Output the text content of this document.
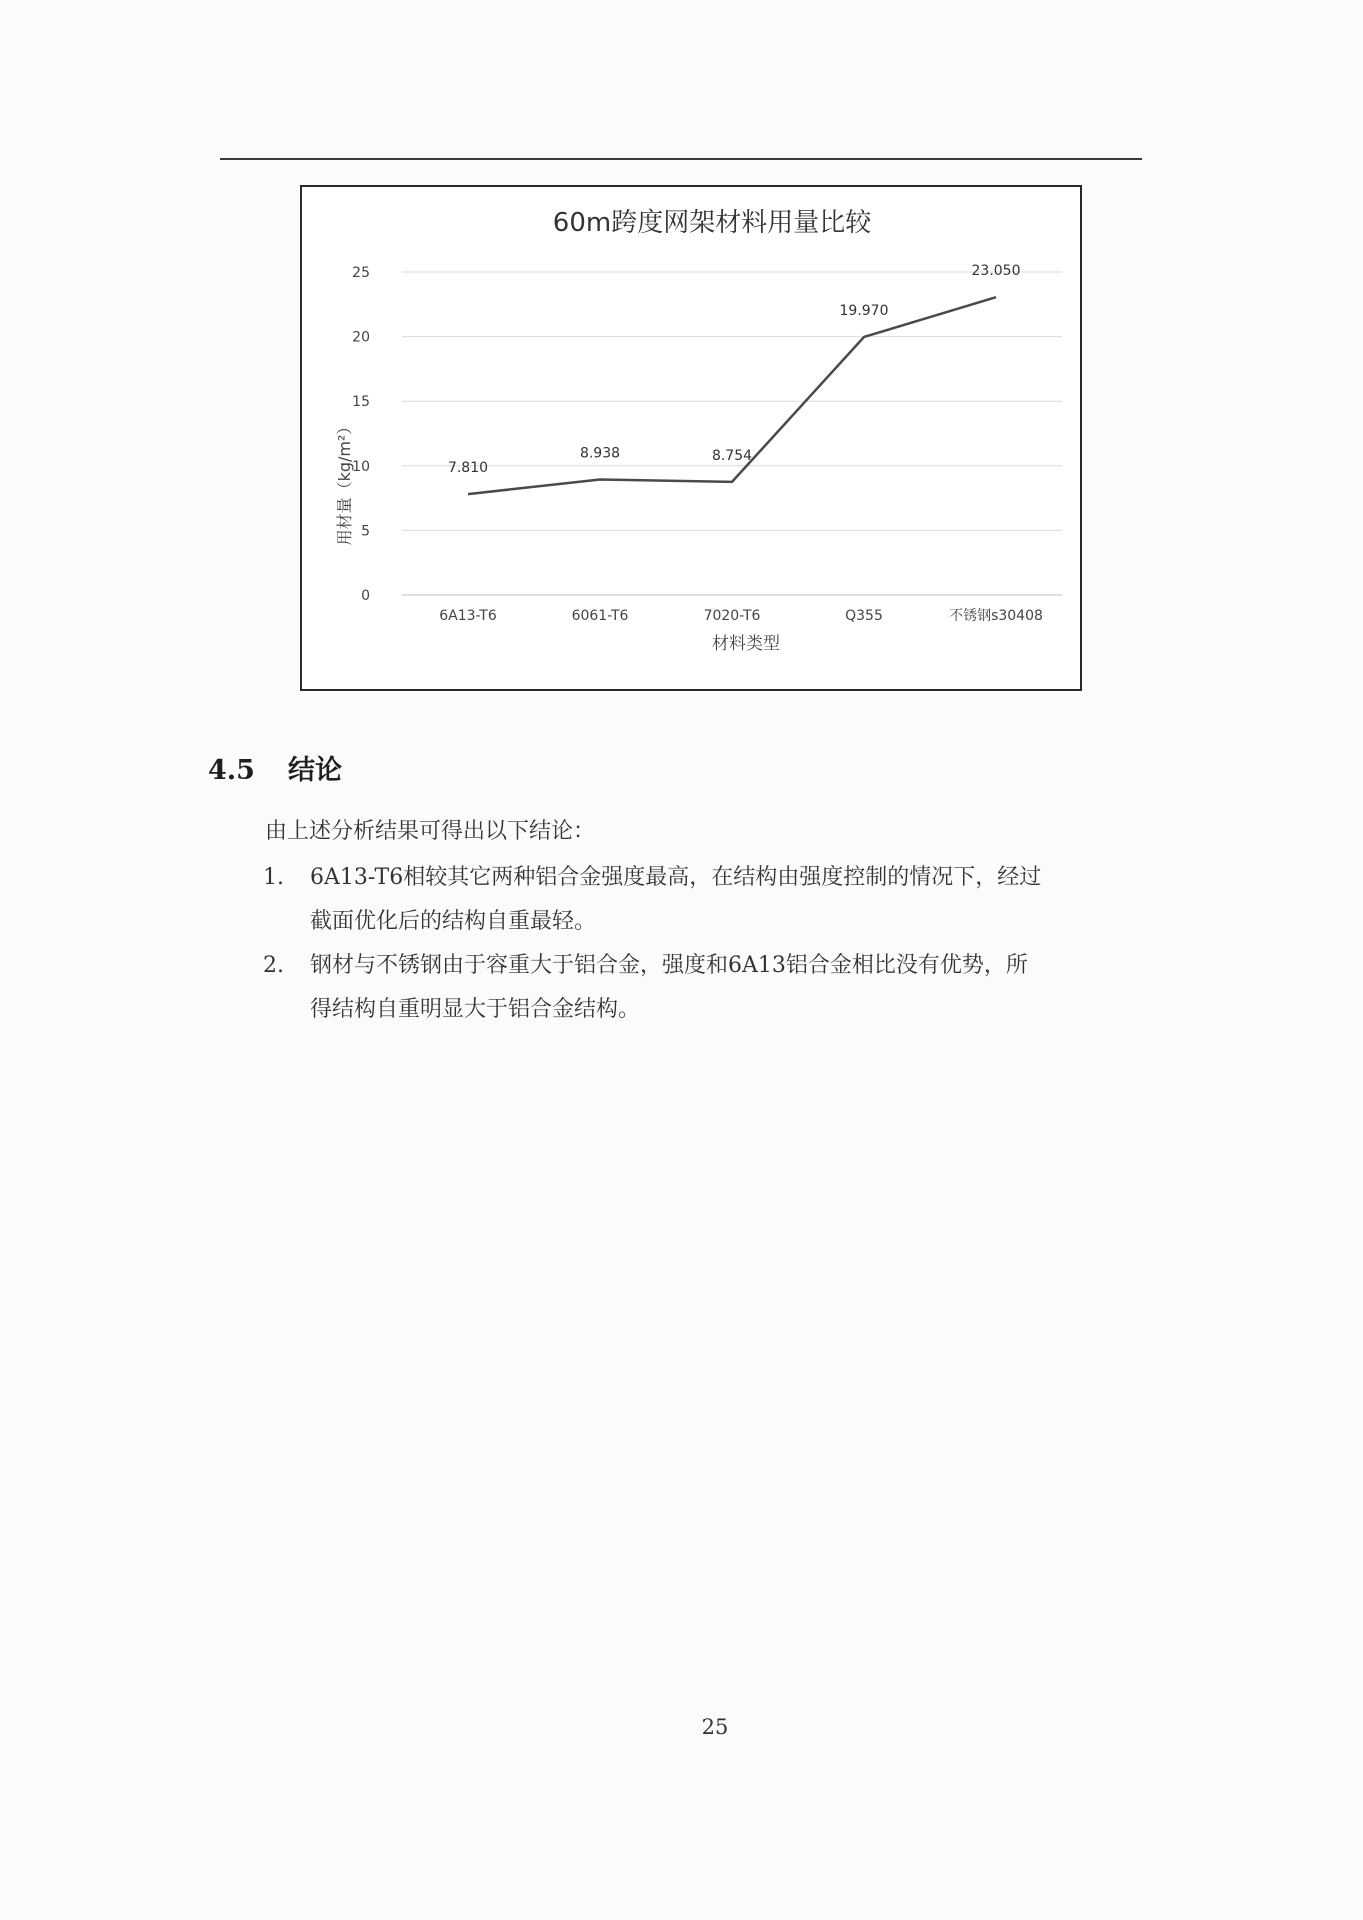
60m跨度网架材料用量比较
材料类型
用材量（kg/m²）
0
5
10
15
20
25
6A13-T6	6061-T6	7020-T6	Q355	不锈钢s30408
7.810
8.938	8.754
19.970
23.050
4.5 结论
由上述分析结果可得出以下结论：
1. 6A13-T6相较其它两种铝合金强度最高，在结构由强度控制的情况下，经过
截面优化后的结构自重最轻。
2. 钢材与不锈钢由于容重大于铝合金，强度和6A13铝合金相比没有优势，所
得结构自重明显大于铝合金结构。
25
